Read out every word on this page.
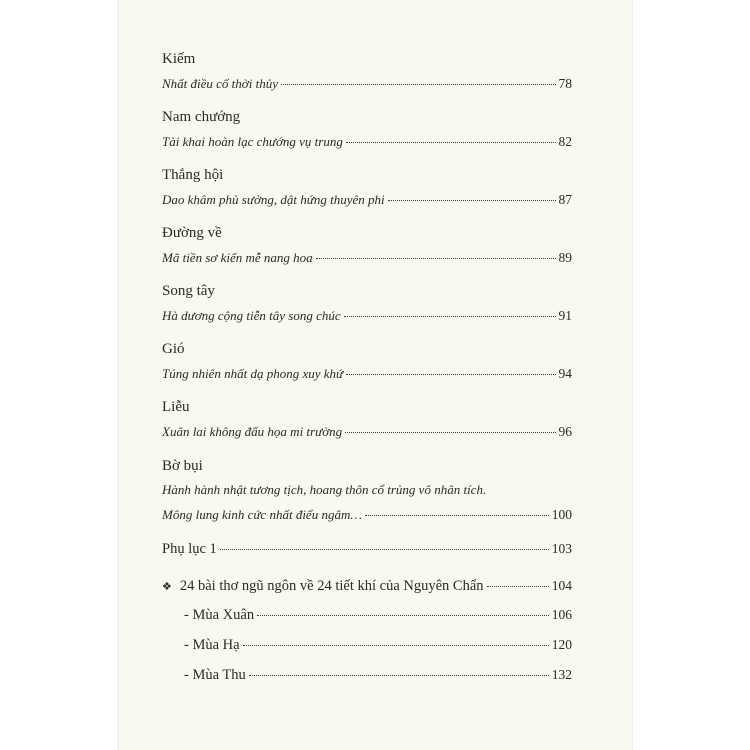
Kiếm
Nhất điều cổ thời thủy	78
Nam chướng
Tài khai hoàn lạc chướng vụ trung	82
Thắng hội
Dao khâm phủ sưởng, dật hứng thuyên phi	87
Đường về
Mã tiền sơ kiến mễ nang hoa	89
Song tây
Hà dương cộng tiễn tây song chúc	91
Gió
Túng nhiên nhất dạ phong xuy khứ	94
Liễu
Xuân lai không đấu họa mi trường	96
Bờ bụi
Hành hành nhật tương tịch, hoang thôn cổ trủng vô nhân tích.
Mông lung kinh cức nhất điểu ngâm…	100
Phụ lục 1	103
❖ 24 bài thơ ngũ ngôn về 24 tiết khí của Nguyên Chẩn	104
- Mùa Xuân	106
- Mùa Hạ	120
- Mùa Thu	132
